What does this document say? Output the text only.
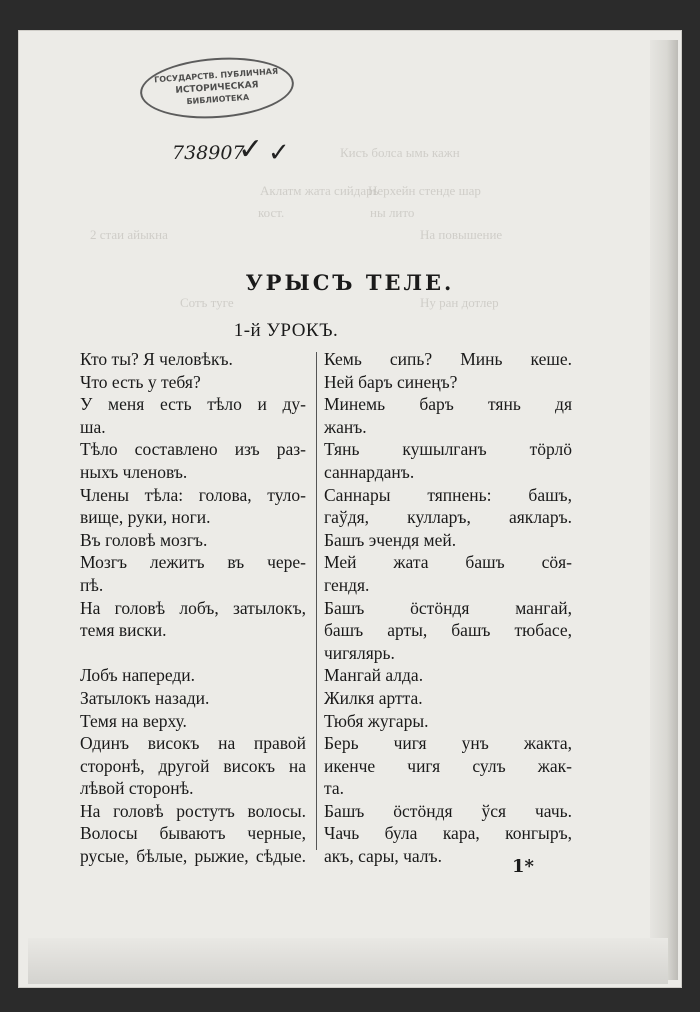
Кисъ болса ымь кажн
Аклатм жата сийдарь
Нерхейн стенде шар
кост.	ны лито
2 стаи айыкна	На повышение
Сотъ туге	Ну ран дотлер
ГОСУДАРСТВ. ПУБЛИЧНАЯ
ИСТОРИЧЕСКАЯ
БИБЛИОТЕКА
738907
✓ ✓
УРЫСЪ ТЕЛЕ.
1-й УРОКЪ.
Кто ты? Я человѣкъ.
Что есть у тебя?
У меня есть тѣло и ду-
ша.
Тѣло составлено изъ раз-
ныхъ членовъ.
Члены тѣла: голова, туло-
вище, руки, ноги.
Въ головѣ мозгъ.
Мозгъ лежитъ въ чере-
пѣ.
На головѣ лобъ, затылокъ,
темя виски.
Лобъ напереди.
Затылокъ назади.
Темя на верху.
Одинъ високъ на правой
сторонѣ, другой високъ на
лѣвой сторонѣ.
На головѣ ростутъ волосы.
Волосы бываютъ черные,
русые, бѣлые, рыжие, сѣдые.
Кемь сипь? Минь кеше.
Ней баръ синеңъ?
Минемь баръ тянь дя
жанъ.
Тянь кушылганъ тöрлö
саннарданъ.
Саннары тяпнень: башъ,
гаўдя, кулларъ, аякларъ.
Башъ эчендя мей.
Мей жата башъ сöя-
гендя.
Башъ öстöндя мангай,
башъ арты, башъ тюбасе,
чигялярь.
Мангай алда.
Жилкя артта.
Тюбя жугары.
Берь чигя унъ жакта,
икенче чигя сулъ жак-
та.
Башъ öстöндя ўся чачь.
Чачь була кара, конгыръ,
акъ, сары, чалъ.	1*
